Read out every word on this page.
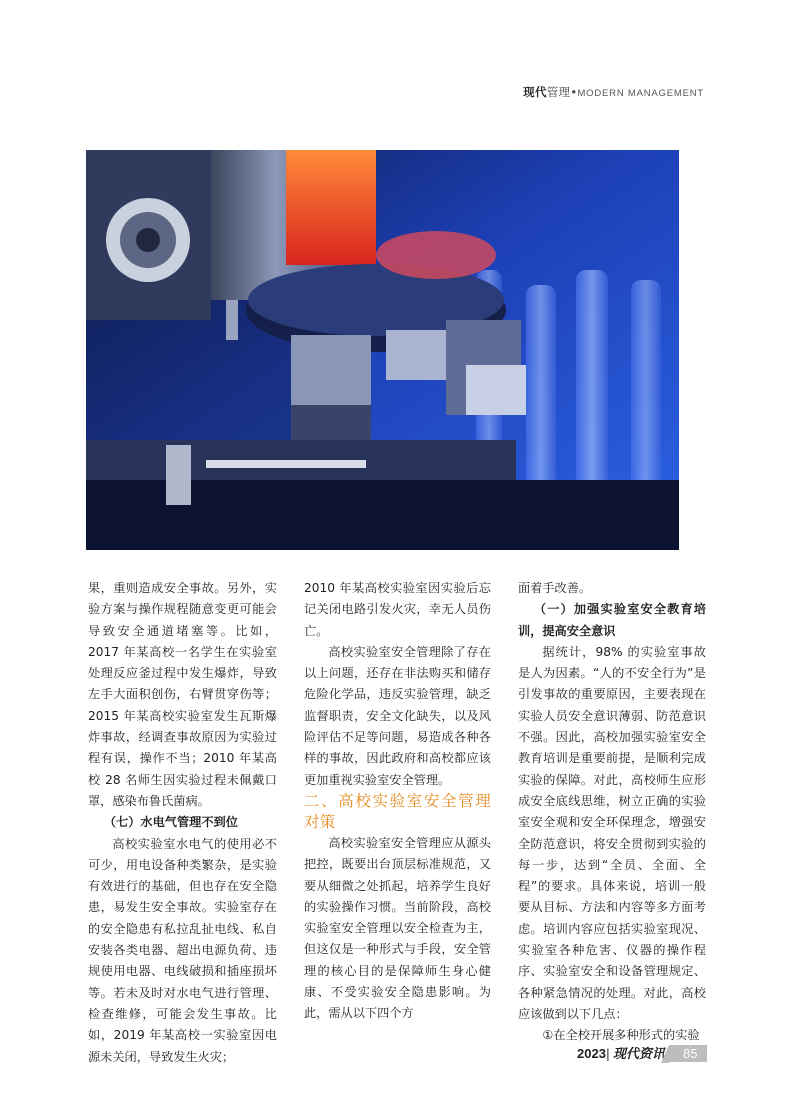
现代管理•MODERN MANAGEMENT

果，重则造成安全事故。另外，实验方案与操作规程随意变更可能会导致安全通道堵塞等。比如，2017 年某高校一名学生在实验室处理反应釜过程中发生爆炸，导致左手大面积创伤，右臂贯穿伤等；2015 年某高校实验室发生瓦斯爆炸事故，经调查事故原因为实验过程有误，操作不当；2010 年某高校 28 名师生因实验过程未佩戴口罩，感染布鲁氏菌病。

（七）水电气管理不到位

高校实验室水电气的使用必不可少，用电设备种类繁杂，是实验有效进行的基础，但也存在安全隐患，易发生安全事故。实验室存在的安全隐患有私拉乱扯电线、私自安装各类电器、超出电源负荷、违规使用电器、电线破损和插座损坏等。若未及时对水电气进行管理、检查维修，可能会发生事故。比如，2019 年某高校一实验室因电源未关闭，导致发生火灾；

2010 年某高校实验室因实验后忘记关闭电路引发火灾，幸无人员伤亡。

高校实验室安全管理除了存在以上问题，还存在非法购买和储存危险化学品，违反实验管理，缺乏监督职责，安全文化缺失，以及风险评估不足等问题，易造成各种各样的事故，因此政府和高校都应该更加重视实验室安全管理。

二、高校实验室安全管理对策

高校实验室安全管理应从源头把控，既要出台顶层标准规范，又要从细微之处抓起，培养学生良好的实验操作习惯。当前阶段，高校实验室安全管理以安全检查为主，但这仅是一种形式与手段，安全管理的核心目的是保障师生身心健康、不受实验安全隐患影响。为此，需从以下四个方

面着手改善。

（一）加强实验室安全教育培训，提高安全意识

据统计，98% 的实验室事故是人为因素。“人的不安全行为”是引发事故的重要原因，主要表现在实验人员安全意识薄弱、防范意识不强。因此，高校加强实验室安全教育培训是重要前提，是顺利完成实验的保障。对此，高校师生应形成安全底线思维，树立正确的实验室安全观和安全环保理念，增强安全防范意识，将安全贯彻到实验的每一步，达到“全员、全面、全程”的要求。具体来说，培训一般要从目标、方法和内容等多方面考虑。培训内容应包括实验室现况、实验室各种危害、仪器的操作程序、实验室安全和设备管理规定、各种紧急情况的处理。对此，高校应该做到以下几点：

①在全校开展多种形式的实验

2023| 现代资讯 85
